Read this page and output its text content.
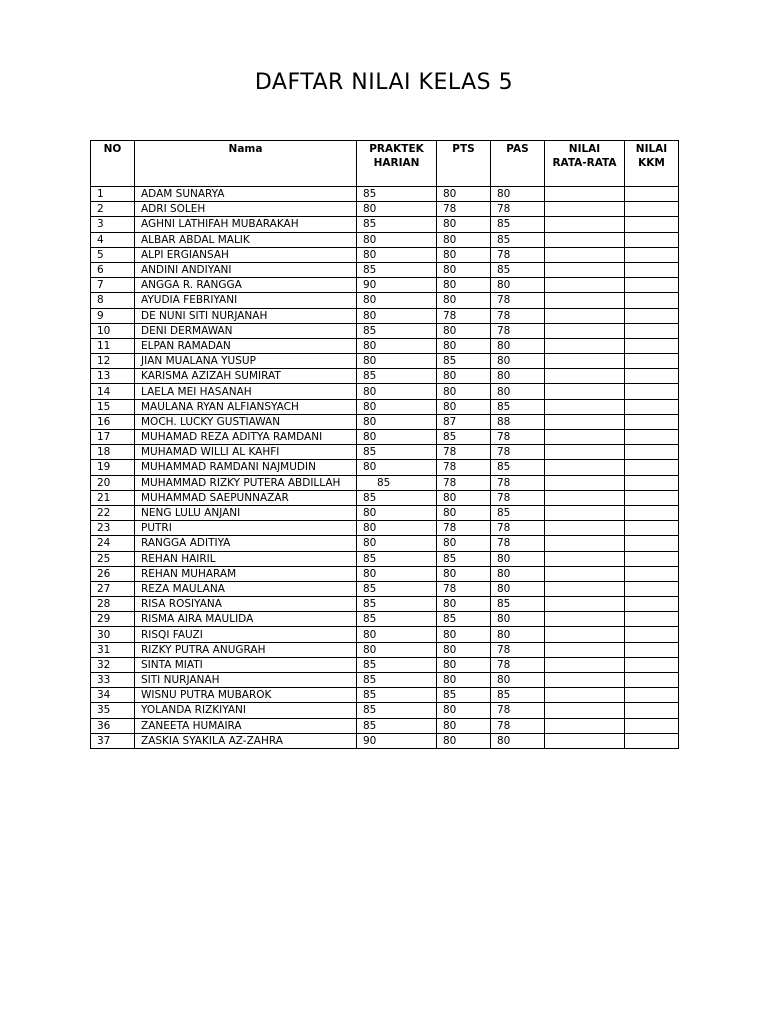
DAFTAR NILAI KELAS 5
NO	Nama	PRAKTEK HARIAN	PTS	PAS	NILAI RATA-RATA	NILAI KKM
1	ADAM SUNARYA	85	80	80		
2	ADRI SOLEH	80	78	78		
3	AGHNI LATHIFAH MUBARAKAH	85	80	85		
4	ALBAR ABDAL MALIK	80	80	85		
5	ALPI ERGIANSAH	80	80	78		
6	ANDINI ANDIYANI	85	80	85		
7	ANGGA R. RANGGA	90	80	80		
8	AYUDIA FEBRIYANI	80	80	78		
9	DE NUNI SITI NURJANAH	80	78	78		
10	DENI DERMAWAN	85	80	78		
11	ELPAN RAMADAN	80	80	80		
12	JIAN MUALANA YUSUP	80	85	80		
13	KARISMA AZIZAH SUMIRAT	85	80	80		
14	LAELA MEI HASANAH	80	80	80		
15	MAULANA RYAN ALFIANSYACH	80	80	85		
16	MOCH. LUCKY GUSTIAWAN	80	87	88		
17	MUHAMAD REZA ADITYA RAMDANI	80	85	78		
18	MUHAMAD WILLI AL KAHFI	85	78	78		
19	MUHAMMAD RAMDANI NAJMUDIN	80	78	85		
20	MUHAMMAD RIZKY PUTERA ABDILLAH	85	78	78		
21	MUHAMMAD SAEPUNNAZAR	85	80	78		
22	NENG LULU ANJANI	80	80	85		
23	PUTRI	80	78	78		
24	RANGGA ADITIYA	80	80	78		
25	REHAN HAIRIL	85	85	80		
26	REHAN MUHARAM	80	80	80		
27	REZA MAULANA	85	78	80		
28	RISA ROSIYANA	85	80	85		
29	RISMA AIRA MAULIDA	85	85	80		
30	RISQI FAUZI	80	80	80		
31	RIZKY PUTRA ANUGRAH	80	80	78		
32	SINTA MIATI	85	80	78		
33	SITI NURJANAH	85	80	80		
34	WISNU PUTRA MUBAROK	85	85	85		
35	YOLANDA RIZKIYANI	85	80	78		
36	ZANEETA HUMAIRA	85	80	78		
37	ZASKIA SYAKILA AZ-ZAHRA	90	80	80		
